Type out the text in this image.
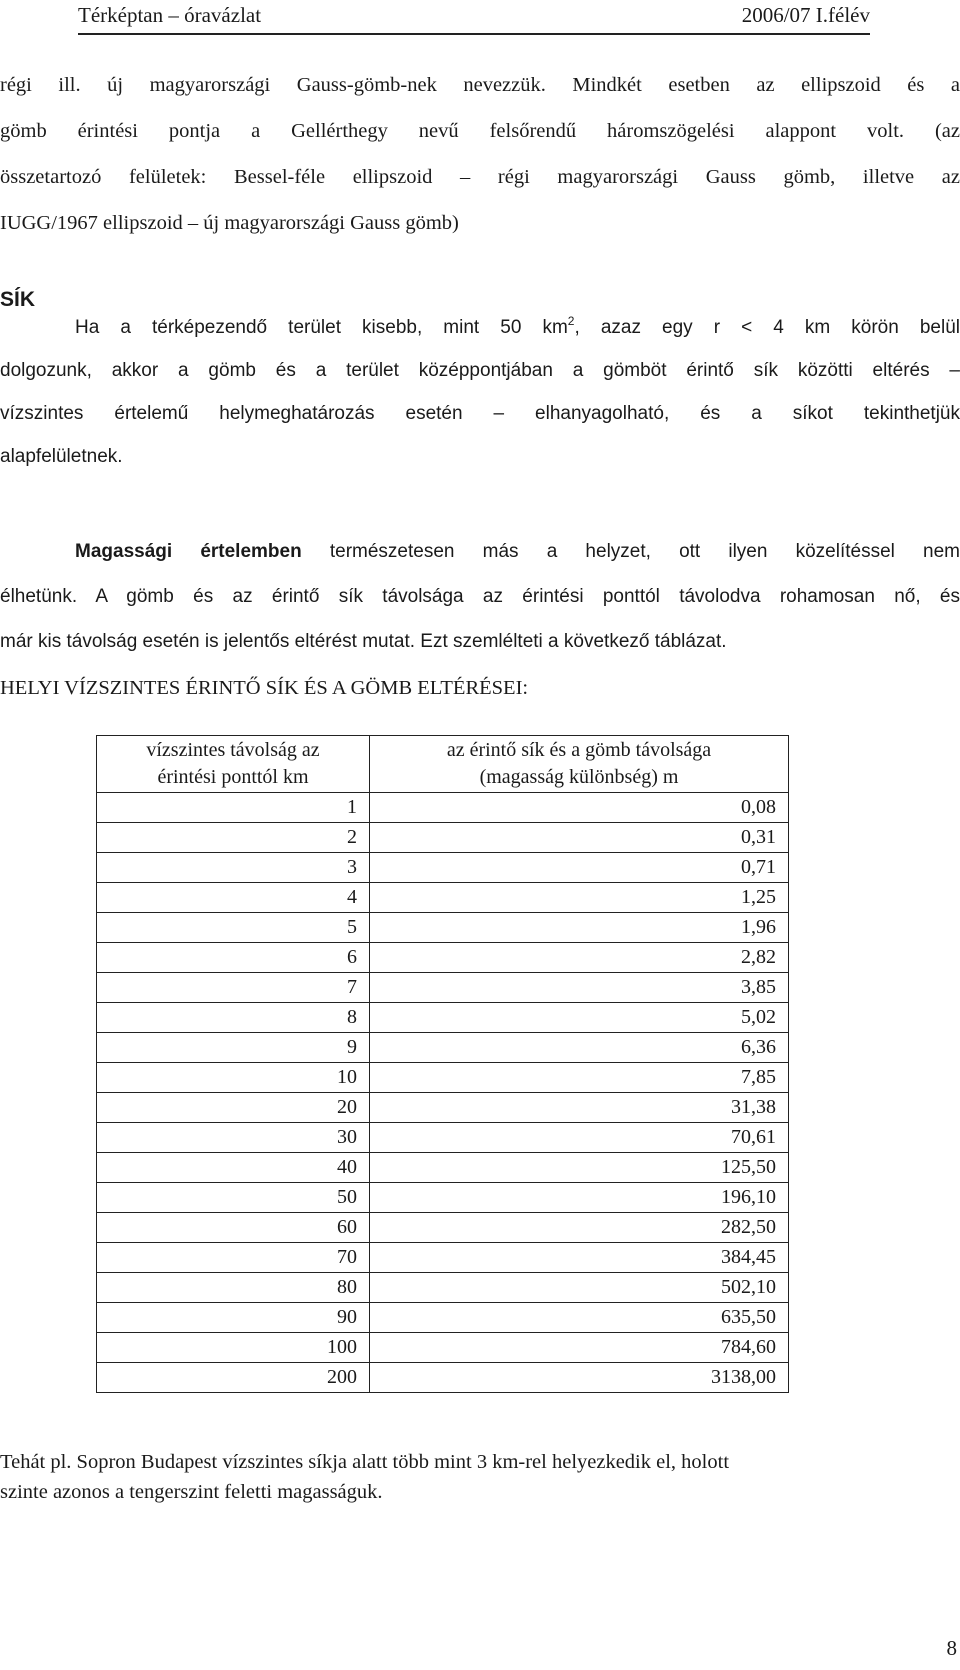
Térképtan – óravázlat	2006/07 I.félév

régi ill. új magyarországi Gauss-gömb-nek nevezzük. Mindkét esetben az ellipszoid és a
gömb érintési pontja a Gellérthegy nevű felsőrendű háromszögelési alappont volt. (az
összetartozó felületek: Bessel-féle ellipszoid – régi magyarországi Gauss gömb, illetve az
IUGG/1967 ellipszoid – új magyarországi Gauss gömb)

SÍK

Ha a térképezendő terület kisebb, mint 50 $km^2$, azaz egy r < 4 km körön belül
dolgozunk, akkor a gömb és a terület középpontjában a gömböt érintő sík közötti eltérés –
vízszintes értelemű helymeghatározás esetén – elhanyagolható, és a síkot tekinthetjük
alapfelületnek.

Magassági értelemben természetesen más a helyzet, ott ilyen közelítéssel nem
élhetünk. A gömb és az érintő sík távolsága az érintési ponttól távolodva rohamosan nő, és
már kis távolság esetén is jelentős eltérést mutat. Ezt szemlélteti a következő táblázat.

HELYI VÍZSZINTES ÉRINTŐ SÍK ÉS A GÖMB ELTÉRÉSEI:
vízszintes távolság az
érintési ponttól km	az érintő sík és a gömb távolsága
(magasság különbség) m
1	0,08
2	0,31
3	0,71
4	1,25
5	1,96
6	2,82
7	3,85
8	5,02
9	6,36
10	7,85
20	31,38
30	70,61
40	125,50
50	196,10
60	282,50
70	384,45
80	502,10
90	635,50
100	784,60
200	3138,00
Tehát pl. Sopron Budapest vízszintes síkja alatt több mint 3 km-rel helyezkedik el, holott
szinte azonos a tengerszint feletti magasságuk.
8
